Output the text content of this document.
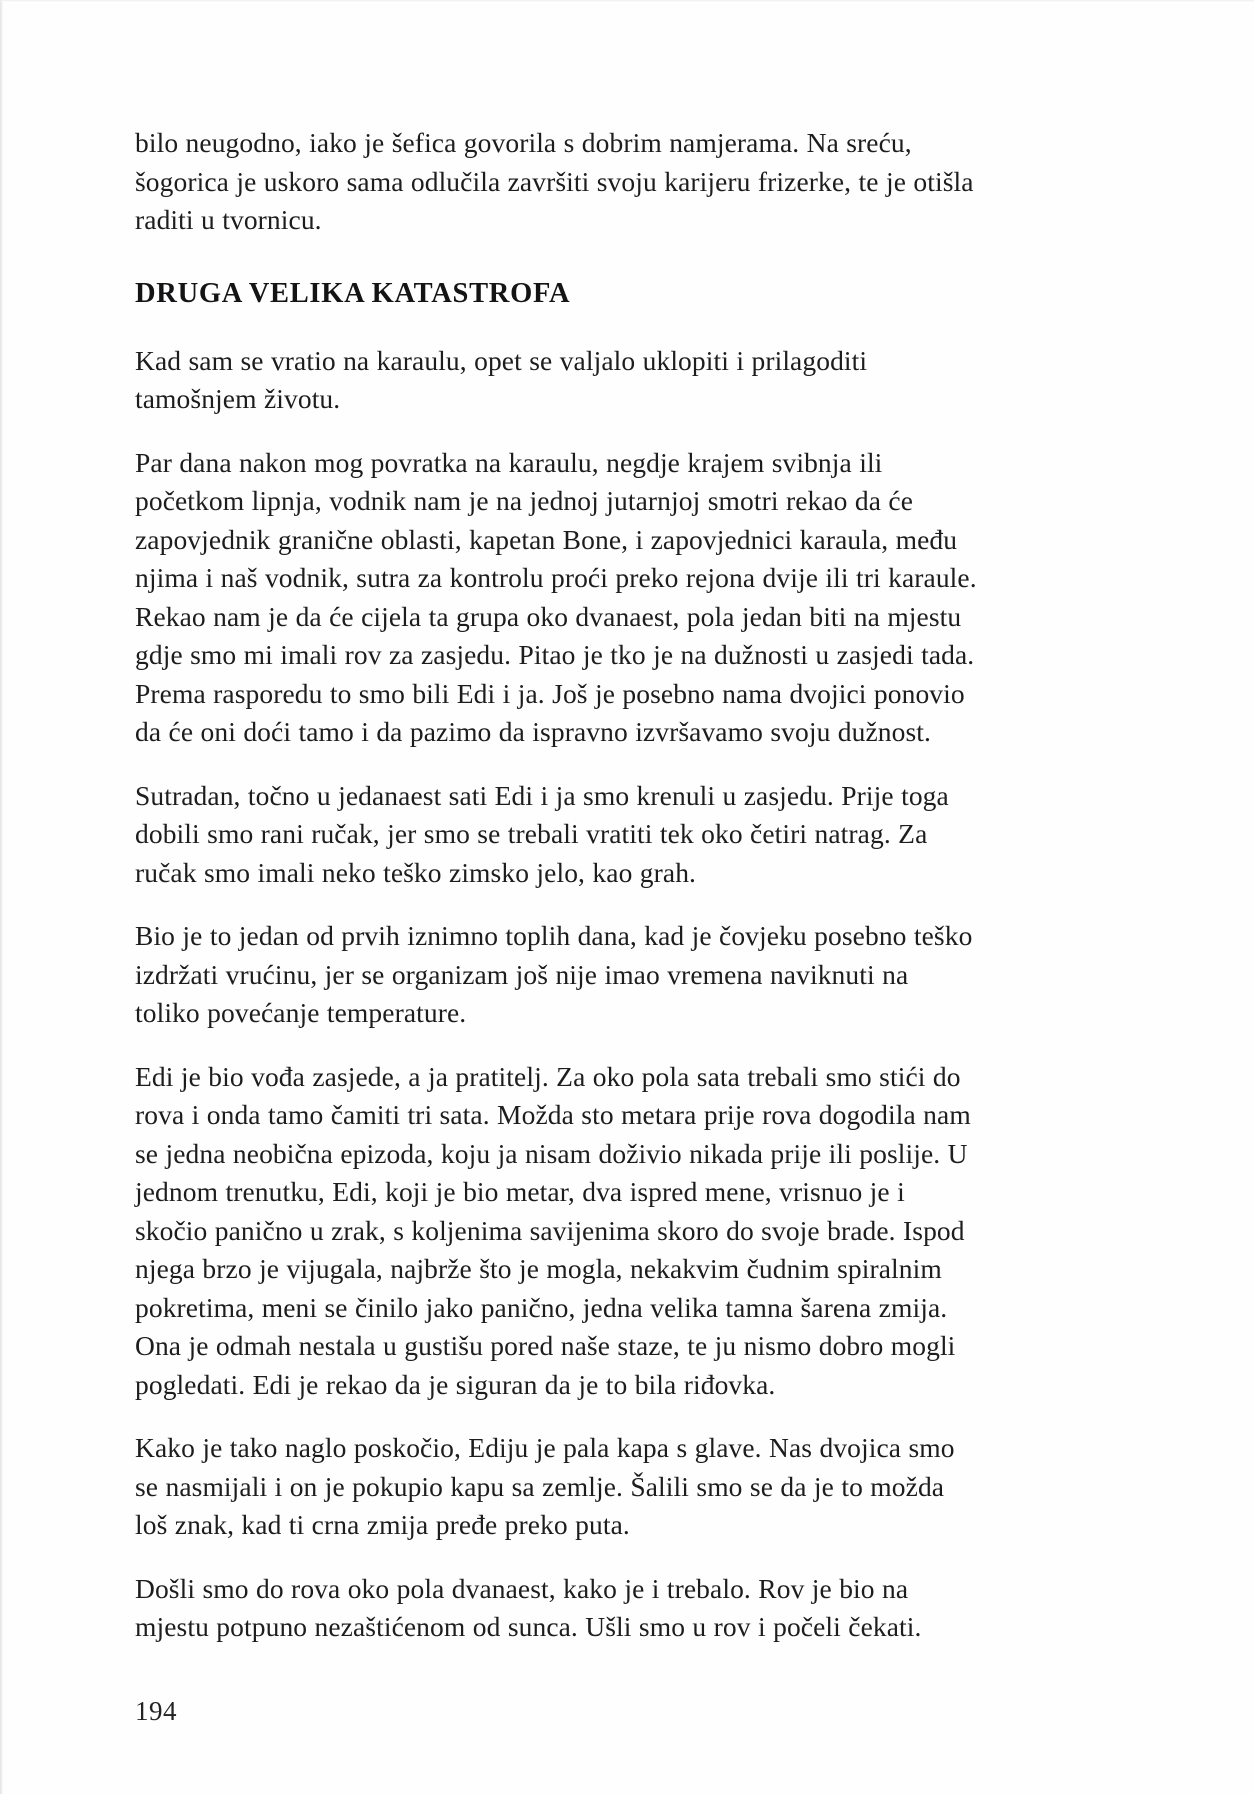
bilo neugodno, iako je šefica govorila s dobrim namjerama. Na sreću, šogorica je uskoro sama odlučila završiti svoju karijeru frizerke, te je otišla raditi u tvornicu.

DRUGA VELIKA KATASTROFA

Kad sam se vratio na karaulu, opet se valjalo uklopiti i prilagoditi tamošnjem životu.

Par dana nakon mog povratka na karaulu, negdje krajem svibnja ili početkom lipnja, vodnik nam je na jednoj jutarnjoj smotri rekao da će zapovjednik granične oblasti, kapetan Bone, i zapovjednici karaula, među njima i naš vodnik, sutra za kontrolu proći preko rejona dvije ili tri karaule. Rekao nam je da će cijela ta grupa oko dvanaest, pola jedan biti na mjestu gdje smo mi imali rov za zasjedu. Pitao je tko je na dužnosti u zasjedi tada. Prema rasporedu to smo bili Edi i ja. Još je posebno nama dvojici ponovio da će oni doći tamo i da pazimo da ispravno izvršavamo svoju dužnost.

Sutradan, točno u jedanaest sati Edi i ja smo krenuli u zasjedu. Prije toga dobili smo rani ručak, jer smo se trebali vratiti tek oko četiri natrag. Za ručak smo imali neko teško zimsko jelo, kao grah.

Bio je to jedan od prvih iznimno toplih dana, kad je čovjeku posebno teško izdržati vrućinu, jer se organizam još nije imao vremena naviknuti na toliko povećanje temperature.

Edi je bio vođa zasjede, a ja pratitelj. Za oko pola sata trebali smo stići do rova i onda tamo čamiti tri sata. Možda sto metara prije rova dogodila nam se jedna neobična epizoda, koju ja nisam doživio nikada prije ili poslije. U jednom trenutku, Edi, koji je bio metar, dva ispred mene, vrisnuo je i skočio panično u zrak, s koljenima savijenima skoro do svoje brade. Ispod njega brzo je vijugala, najbrže što je mogla, nekakvim čudnim spiralnim pokretima, meni se činilo jako panično, jedna velika tamna šarena zmija. Ona je odmah nestala u gustišu pored naše staze, te ju nismo dobro mogli pogledati. Edi je rekao da je siguran da je to bila riđovka.

Kako je tako naglo poskočio, Ediju je pala kapa s glave. Nas dvojica smo se nasmijali i on je pokupio kapu sa zemlje. Šalili smo se da je to možda loš znak, kad ti crna zmija pređe preko puta.

Došli smo do rova oko pola dvanaest, kako je i trebalo. Rov je bio na mjestu potpuno nezaštićenom od sunca. Ušli smo u rov i počeli čekati.

194
